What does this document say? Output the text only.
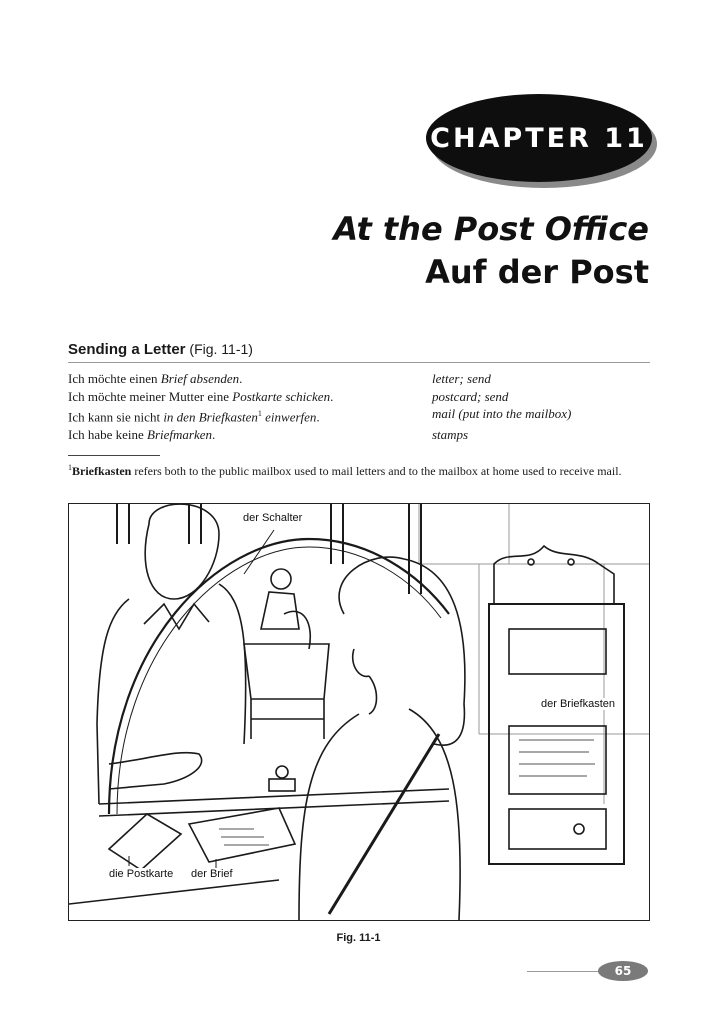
CHAPTER 11
At the Post Office
Auf der Post
Sending a Letter (Fig. 11-1)
Ich möchte einen Brief absenden.	letter; send
Ich möchte meiner Mutter eine Postkarte schicken.	postcard; send
Ich kann sie nicht in den Briefkasten$^1$ einwerfen.	mail (put into the mailbox)
Ich habe keine Briefmarken.	stamps
$^1$Briefkasten refers both to the public mailbox used to mail letters and to the mailbox at home used to receive mail.
der Schalter
der Briefkasten
die Postkarte der Brief
Fig. 11-1
65
